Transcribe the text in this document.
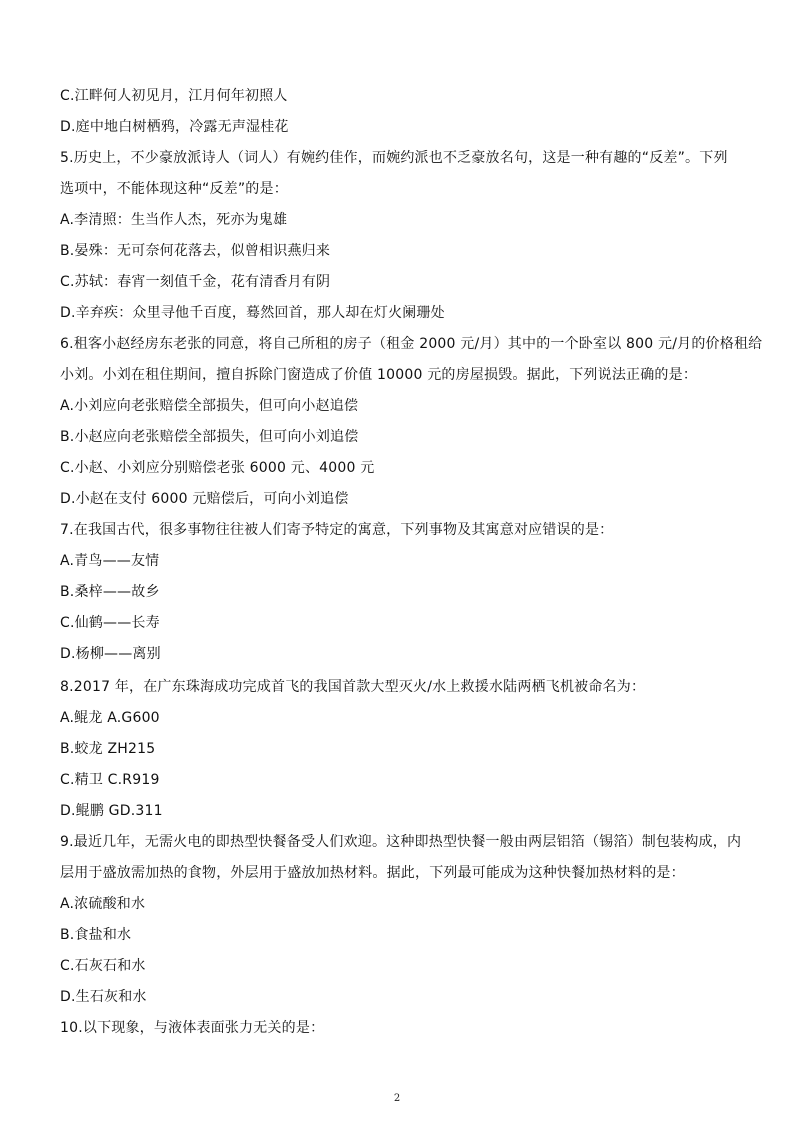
C.江畔何人初见月，江月何年初照人
D.庭中地白树栖鸦，冷露无声湿桂花
5.历史上，不少豪放派诗人（词人）有婉约佳作，而婉约派也不乏豪放名句，这是一种有趣的“反差”。下列
选项中，不能体现这种“反差”的是：
A.李清照：生当作人杰，死亦为鬼雄
B.晏殊：无可奈何花落去，似曾相识燕归来
C.苏轼：春宵一刻值千金，花有清香月有阴
D.辛弃疾：众里寻他千百度，蓦然回首，那人却在灯火阑珊处
6.租客小赵经房东老张的同意，将自己所租的房子（租金 2000 元/月）其中的一个卧室以 800 元/月的价格租给
小刘。小刘在租住期间，擅自拆除门窗造成了价值 10000 元的房屋损毁。据此，下列说法正确的是：
A.小刘应向老张赔偿全部损失，但可向小赵追偿
B.小赵应向老张赔偿全部损失，但可向小刘追偿
C.小赵、小刘应分别赔偿老张 6000 元、4000 元
D.小赵在支付 6000 元赔偿后，可向小刘追偿
7.在我国古代，很多事物往往被人们寄予特定的寓意，下列事物及其寓意对应错误的是：
A.青鸟——友情
B.桑梓——故乡
C.仙鹤——长寿
D.杨柳——离别
8.2017 年，在广东珠海成功完成首飞的我国首款大型灭火/水上救援水陆两栖飞机被命名为：
A.鲲龙 A.G600
B.蛟龙 ZH215
C.精卫 C.R919
D.鲲鹏 GD.311
9.最近几年，无需火电的即热型快餐备受人们欢迎。这种即热型快餐一般由两层铝箔（锡箔）制包装构成，内
层用于盛放需加热的食物，外层用于盛放加热材料。据此，下列最可能成为这种快餐加热材料的是：
A.浓硫酸和水
B.食盐和水
C.石灰石和水
D.生石灰和水
10.以下现象，与液体表面张力无关的是：
2
